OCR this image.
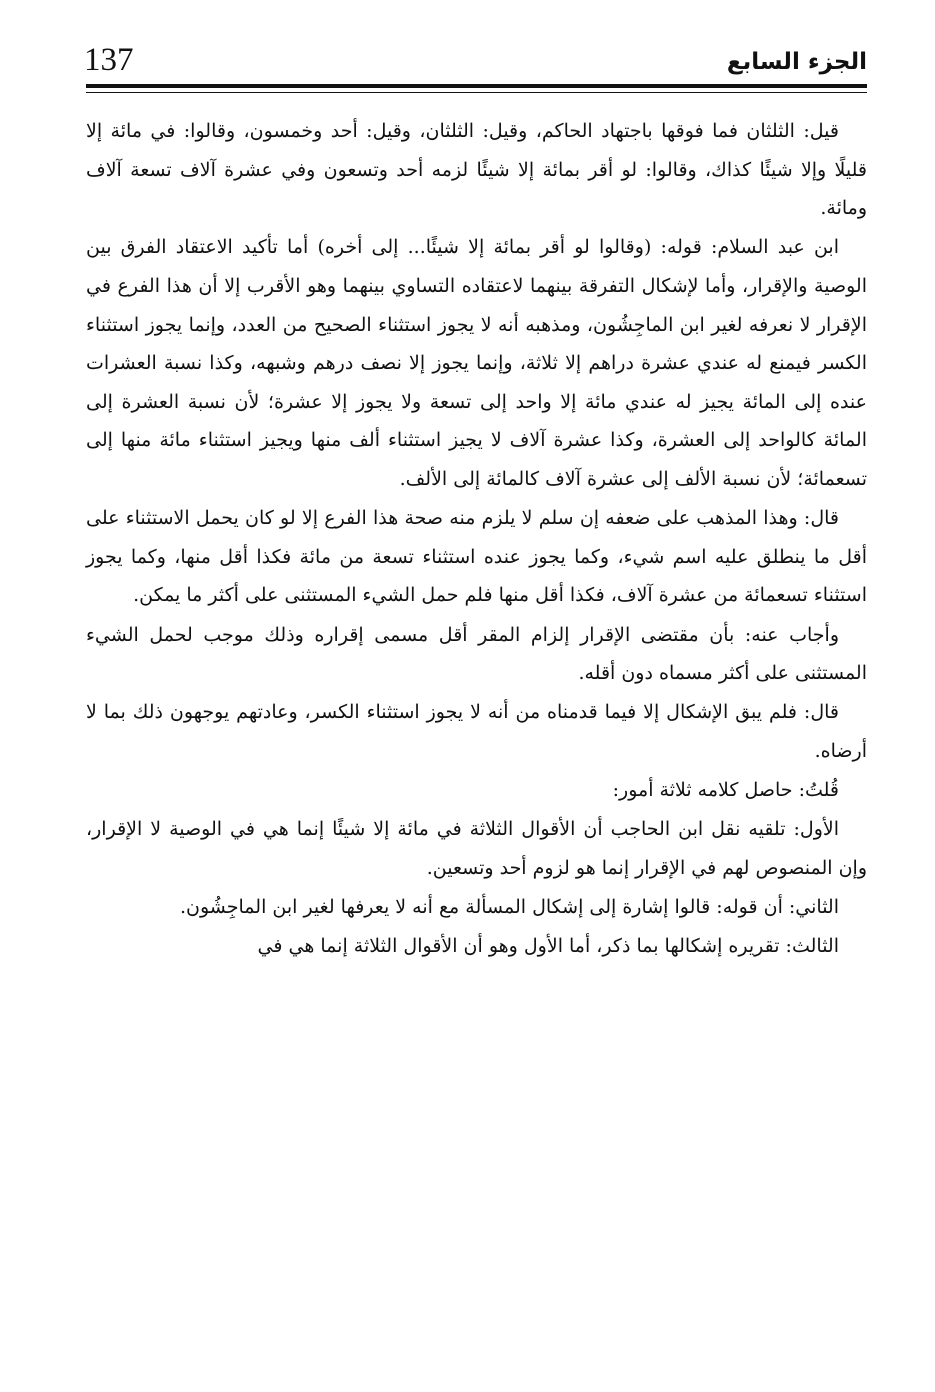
137	الجزء السابع

قيل: الثلثان فما فوقها باجتهاد الحاكم، وقيل: الثلثان، وقيل: أحد وخمسون، وقالوا: في مائة إلا قليلًا وإلا شيئًا كذاك، وقالوا: لو أقر بمائة إلا شيئًا لزمه أحد وتسعون وفي عشرة آلاف تسعة آلاف ومائة.

ابن عبد السلام: قوله: (وقالوا لو أقر بمائة إلا شيئًا... إلى أخره) أما تأكيد الاعتقاد الفرق بين الوصية والإقرار، وأما لإشكال التفرقة بينهما لاعتقاده التساوي بينهما وهو الأقرب إلا أن هذا الفرع في الإقرار لا نعرفه لغير ابن الماجِشُون، ومذهبه أنه لا يجوز استثناء الصحيح من العدد، وإنما يجوز استثناء الكسر فيمنع له عندي عشرة دراهم إلا ثلاثة، وإنما يجوز إلا نصف درهم وشبهه، وكذا نسبة العشرات عنده إلى المائة يجيز له عندي مائة إلا واحد إلى تسعة ولا يجوز إلا عشرة؛ لأن نسبة العشرة إلى المائة كالواحد إلى العشرة، وكذا عشرة آلاف لا يجيز استثناء ألف منها ويجيز استثناء مائة منها إلى تسعمائة؛ لأن نسبة الألف إلى عشرة آلاف كالمائة إلى الألف.

قال: وهذا المذهب على ضعفه إن سلم لا يلزم منه صحة هذا الفرع إلا لو كان يحمل الاستثناء على أقل ما ينطلق عليه اسم شيء، وكما يجوز عنده استثناء تسعة من مائة فكذا أقل منها، وكما يجوز استثناء تسعمائة من عشرة آلاف، فكذا أقل منها فلم حمل الشيء المستثنى على أكثر ما يمكن.

وأجاب عنه: بأن مقتضى الإقرار إلزام المقر أقل مسمى إقراره وذلك موجب لحمل الشيء المستثنى على أكثر مسماه دون أقله.

قال: فلم يبق الإشكال إلا فيما قدمناه من أنه لا يجوز استثناء الكسر، وعادتهم يوجهون ذلك بما لا أرضاه.

قُلتُ: حاصل كلامه ثلاثة أمور:

الأول: تلقيه نقل ابن الحاجب أن الأقوال الثلاثة في مائة إلا شيئًا إنما هي في الوصية لا الإقرار، وإن المنصوص لهم في الإقرار إنما هو لزوم أحد وتسعين.

الثاني: أن قوله: قالوا إشارة إلى إشكال المسألة مع أنه لا يعرفها لغير ابن الماجِشُون.

الثالث: تقريره إشكالها بما ذكر، أما الأول وهو أن الأقوال الثلاثة إنما هي في
